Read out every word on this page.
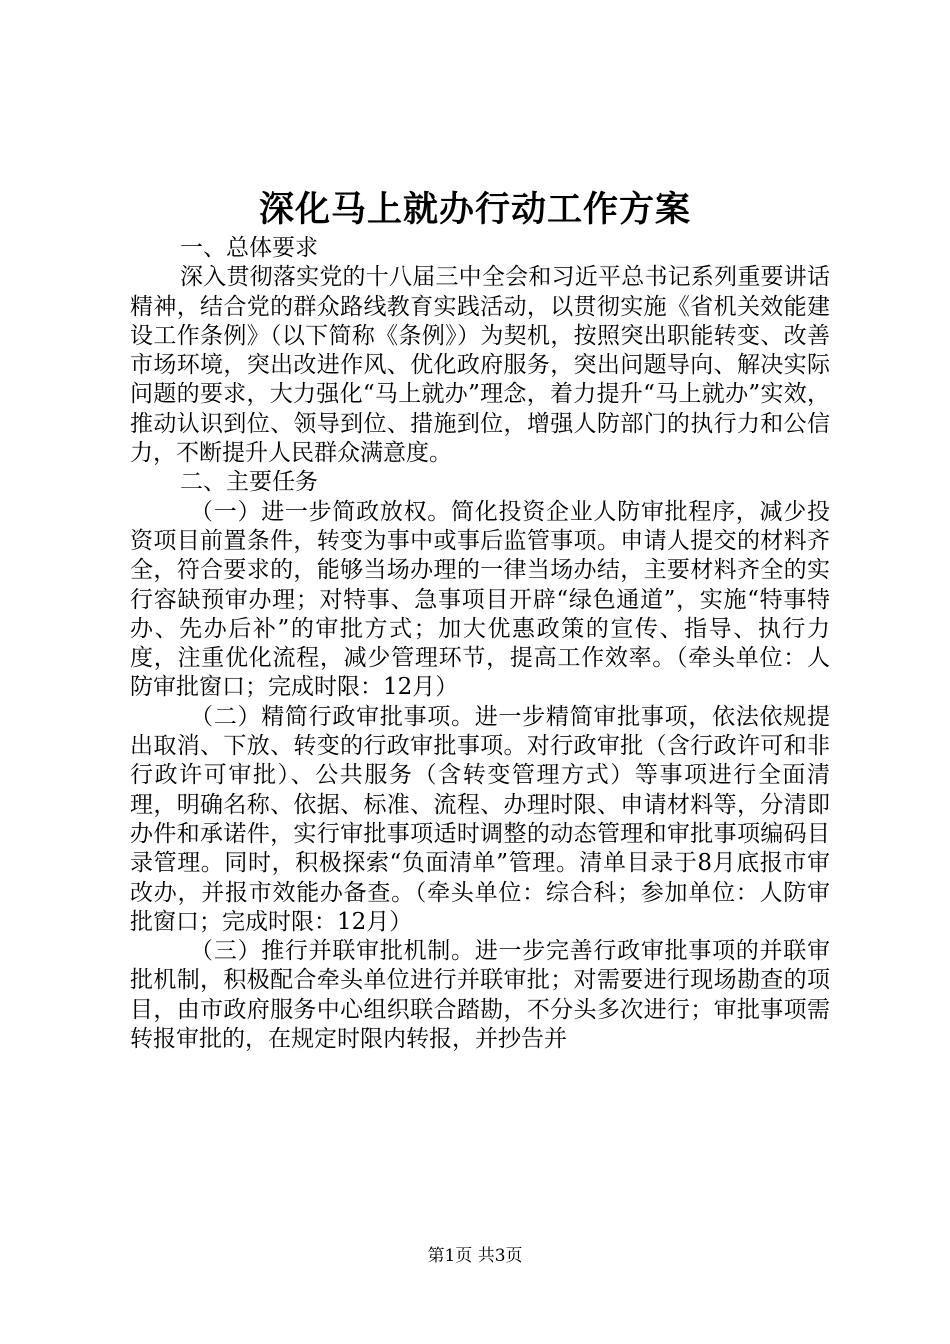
深化马上就办行动工作方案

一、总体要求

深入贯彻落实党的十八届三中全会和习近平总书记系列重要讲话精神，结合党的群众路线教育实践活动，以贯彻实施《省机关效能建设工作条例》（以下简称《条例》）为契机，按照突出职能转变、改善市场环境，突出改进作风、优化政府服务，突出问题导向、解决实际问题的要求，大力强化“马上就办”理念，着力提升“马上就办”实效，推动认识到位、领导到位、措施到位，增强人防部门的执行力和公信力，不断提升人民群众满意度。

二、主要任务

（一）进一步简政放权。简化投资企业人防审批程序，减少投资项目前置条件，转变为事中或事后监管事项。申请人提交的材料齐全，符合要求的，能够当场办理的一律当场办结，主要材料齐全的实行容缺预审办理；对特事、急事项目开辟“绿色通道”，实施“特事特办、先办后补”的审批方式；加大优惠政策的宣传、指导、执行力度，注重优化流程，减少管理环节，提高工作效率。（牵头单位：人防审批窗口；完成时限：12月）

（二）精简行政审批事项。进一步精简审批事项，依法依规提出取消、下放、转变的行政审批事项。对行政审批（含行政许可和非行政许可审批）、公共服务（含转变管理方式）等事项进行全面清理，明确名称、依据、标准、流程、办理时限、申请材料等，分清即办件和承诺件，实行审批事项适时调整的动态管理和审批事项编码目录管理。同时，积极探索“负面清单”管理。清单目录于8月底报市审改办，并报市效能办备查。（牵头单位：综合科；参加单位：人防审批窗口；完成时限：12月）

（三）推行并联审批机制。进一步完善行政审批事项的并联审批机制，积极配合牵头单位进行并联审批；对需要进行现场勘查的项目，由市政府服务中心组织联合踏勘，不分头多次进行；审批事项需转报审批的，在规定时限内转报，并抄告并

第1页 共3页
